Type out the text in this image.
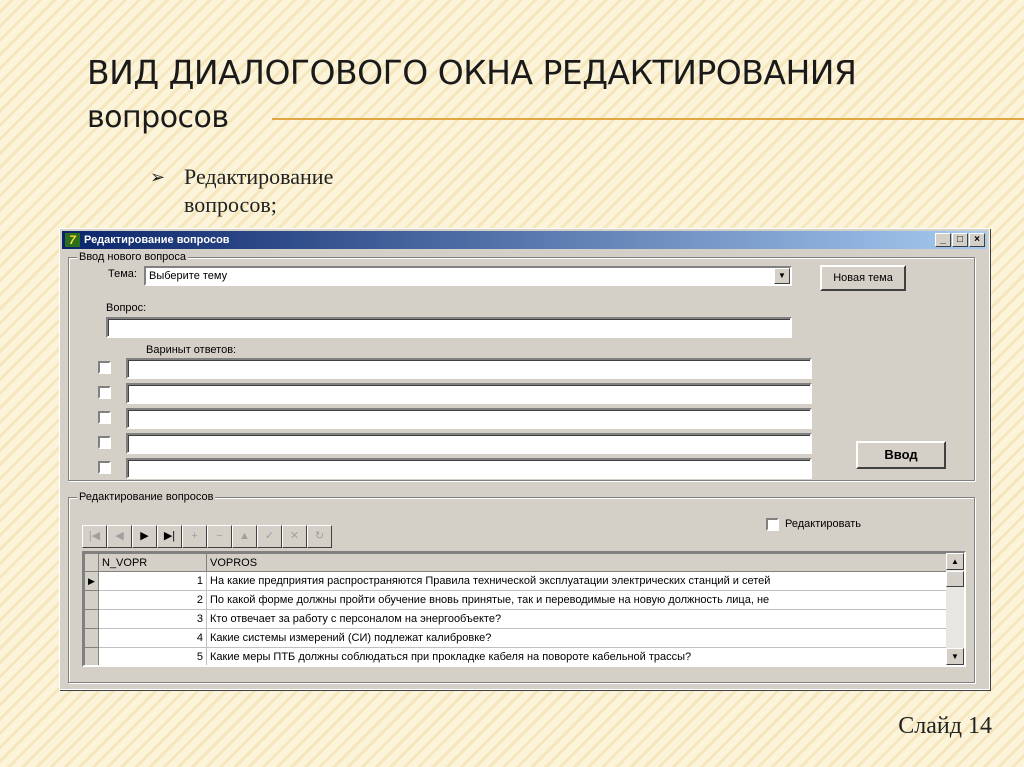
ВИД ДИАЛОГОВОГО ОКНА РЕДАКТИРОВАНИЯ
вопросов
➢ Редактирование вопросов;
Слайд 14
7 Редактирование вопросов	_	□	×
Ввод нового вопроса
Тема:	Выберите тему	▼	Новая тема
Вопрос:
Вариныт ответов:
Ввод
Редактирование вопросов
Редактировать
|◀	◀	▶	▶|	+	−	▲	✓	✕	↻
	N_VOPR	VOPROS
▶	1	На какие предприятия распространяются Правила технической эксплуатации электрических станций и сетей
	2	По какой форме должны пройти обучение вновь принятые, так и переводимые на новую должность лица, не
	3	Кто отвечает за работу с персоналом на энергообъекте?
	4	Какие системы измерений (СИ) подлежат калибровке?
	5	Какие меры ПТБ должны соблюдаться при прокладке кабеля на повороте кабельной трассы?
▲
▼
